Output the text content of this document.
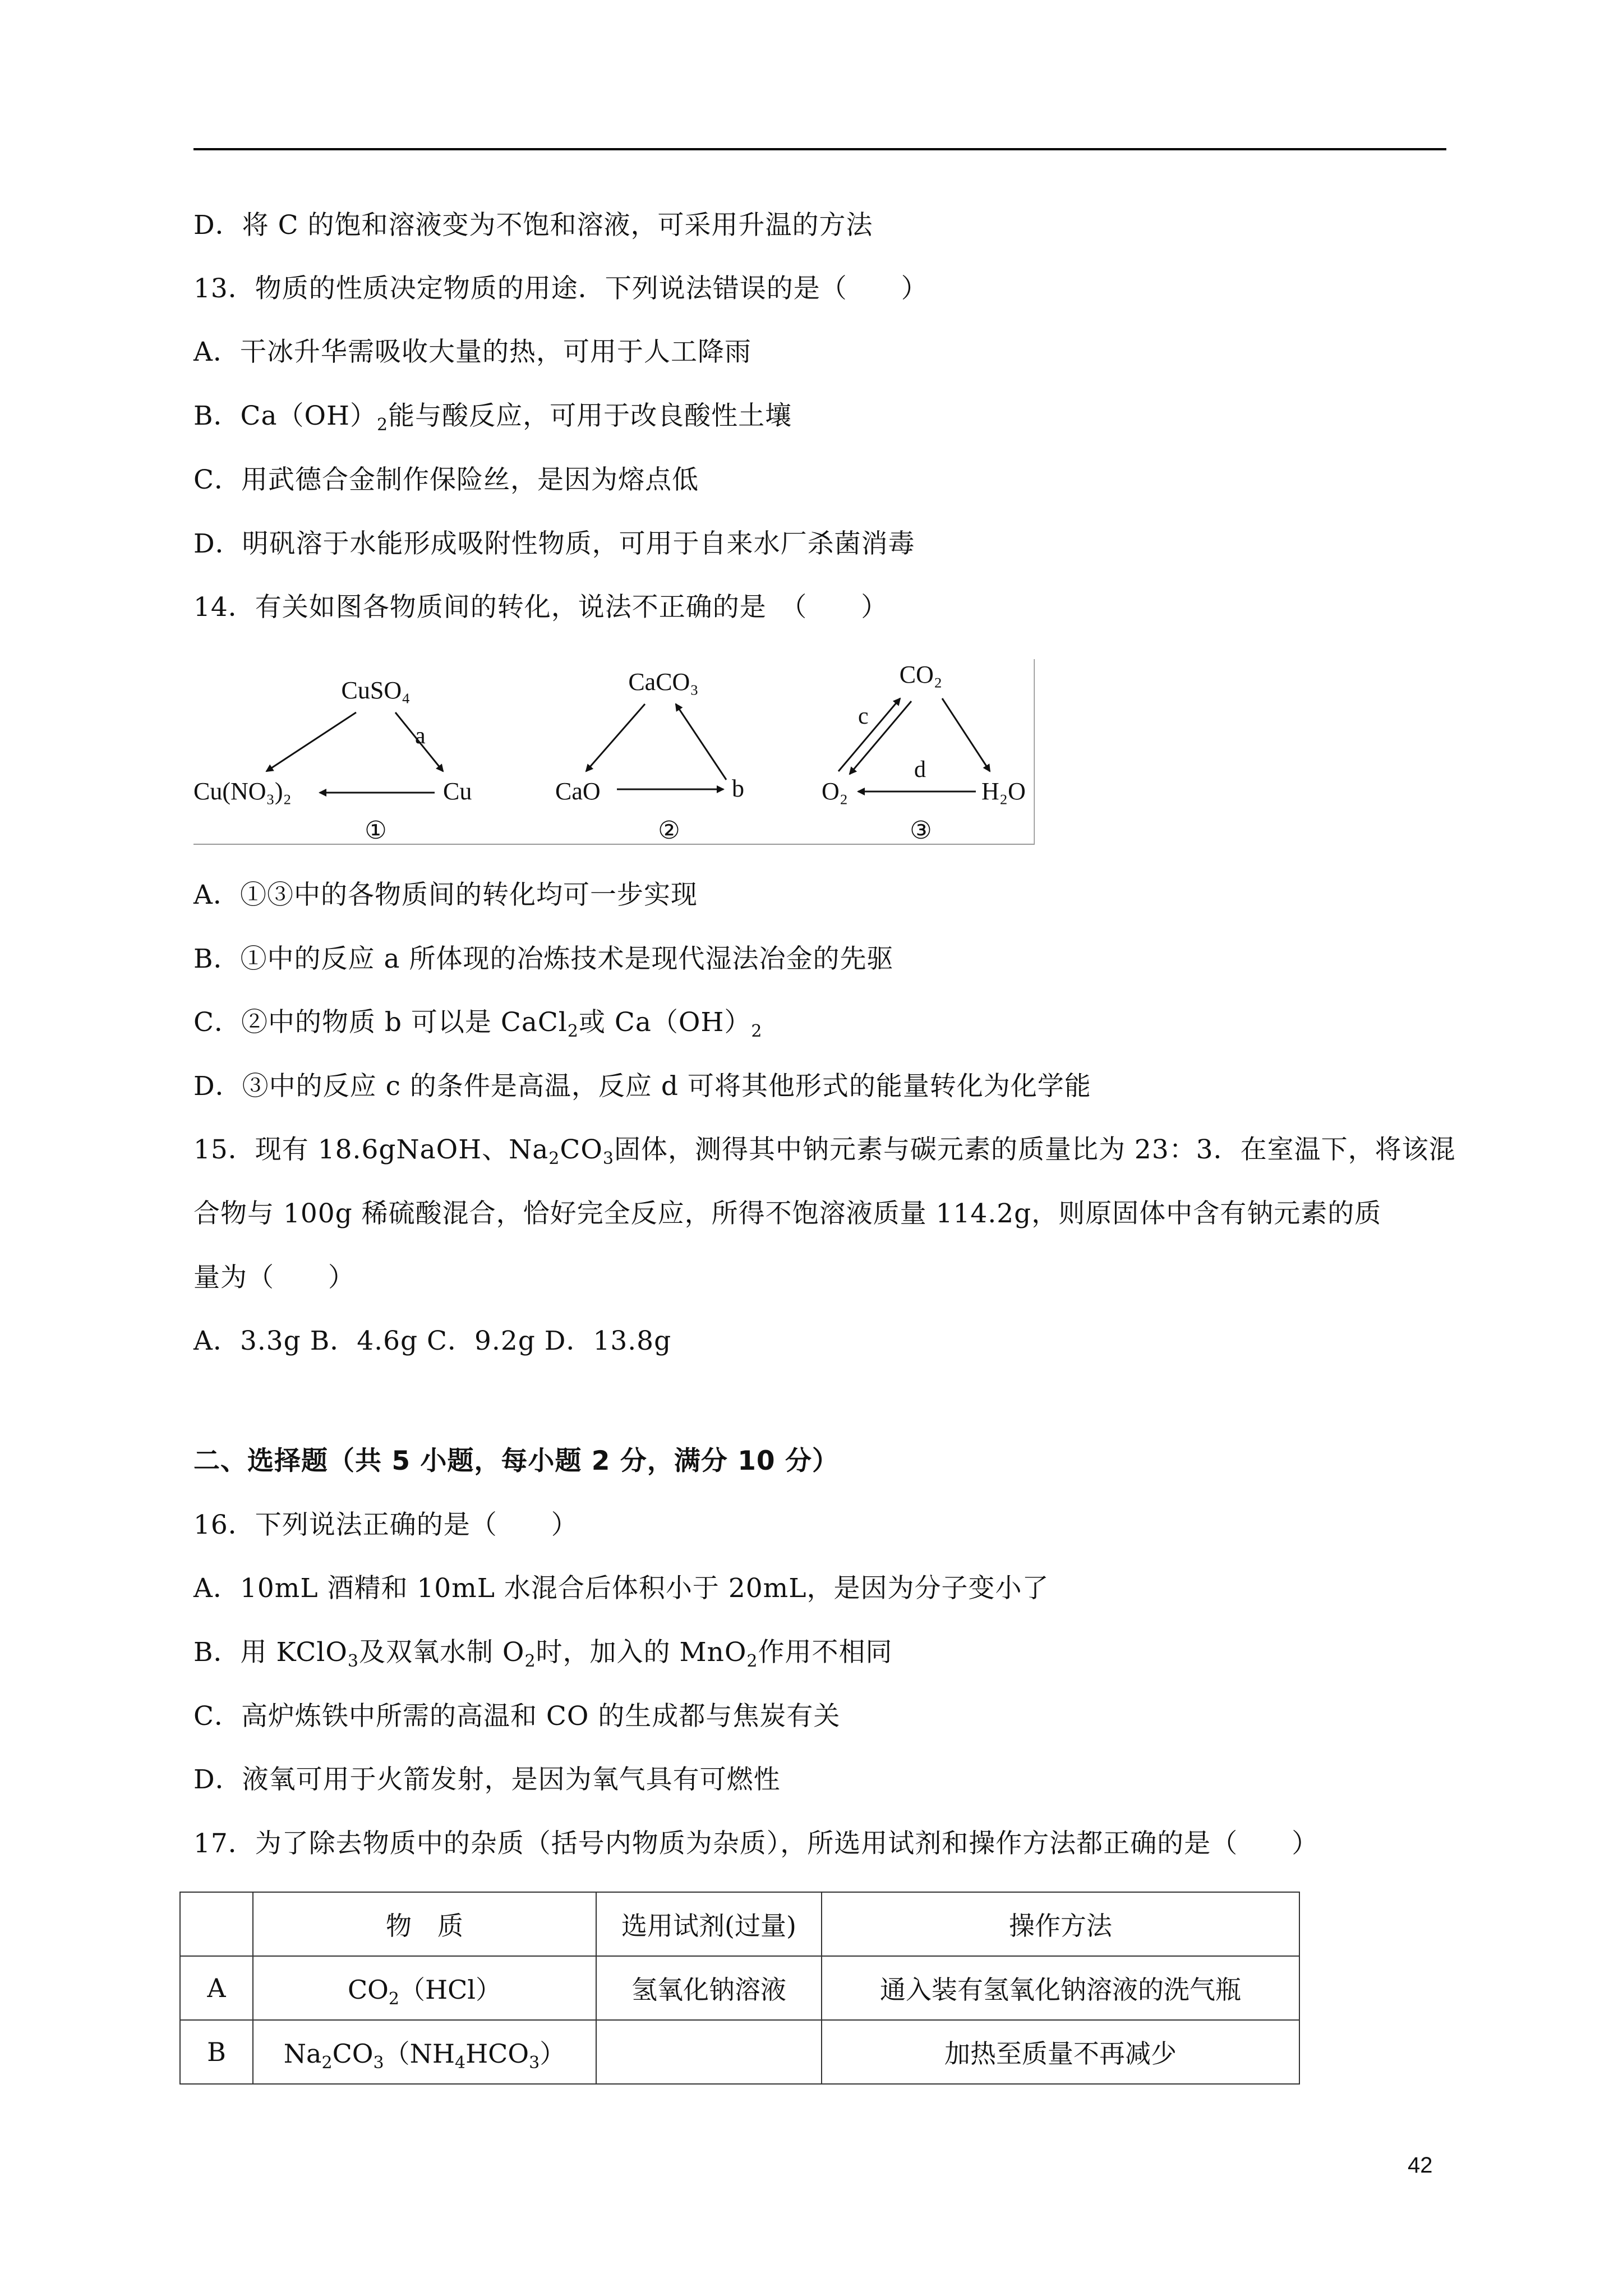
D．将 C 的饱和溶液变为不饱和溶液，可采用升温的方法
13．物质的性质决定物质的用途．下列说法错误的是（　　）
A．干冰升华需吸收大量的热，可用于人工降雨
B．$Ca(OH)_2$能与酸反应，可用于改良酸性土壤
C．用武德合金制作保险丝，是因为熔点低
D．明矾溶于水能形成吸附性物质，可用于自来水厂杀菌消毒
14．有关如图各物质间的转化，说法不正确的是　（　　）
CuSO₄
Cu(NO₃)₂	Cu
a
①
CaCO₃
CaO	b
②
CO₂
O₂	H₂O
c
d
③
A．①③中的各物质间的转化均可一步实现
B．①中的反应 a 所体现的冶炼技术是现代湿法冶金的先驱
C．②中的物质 b 可以是 CaCl$_2$或 $Ca(OH)_2$
D．③中的反应 c 的条件是高温，反应 d 可将其他形式的能量转化为化学能
15．现有 18.6gNaOH、$Na_2CO_3$固体，测得其中钠元素与碳元素的质量比为 23：3．在室温下，将该混
合物与 100g 稀硫酸混合，恰好完全反应，所得不饱溶液质量 114.2g，则原固体中含有钠元素的质
量为（　　）
A．3.3g B．4.6g C．9.2g D．13.8g
二、选择题（共 5 小题，每小题 2 分，满分 10 分）
16．下列说法正确的是（　　）
A．10mL 酒精和 10mL 水混合后体积小于 20mL，是因为分子变小了
B．用 KClO$_3$及双氧水制 $O_2$时，加入的 MnO$_2$作用不相同
C．高炉炼铁中所需的高温和 CO 的生成都与焦炭有关
D．液氧可用于火箭发射，是因为氧气具有可燃性
17．为了除去物质中的杂质（括号内物质为杂质），所选用试剂和操作方法都正确的是（　　）
	物　质	选用试剂(过量)	操作方法
A	$CO_2(HCl)$	氢氧化钠溶液	通入装有氢氧化钠溶液的洗气瓶
B	$Na_2CO_3(NH_4HCO_3)$		加热至质量不再减少
42
